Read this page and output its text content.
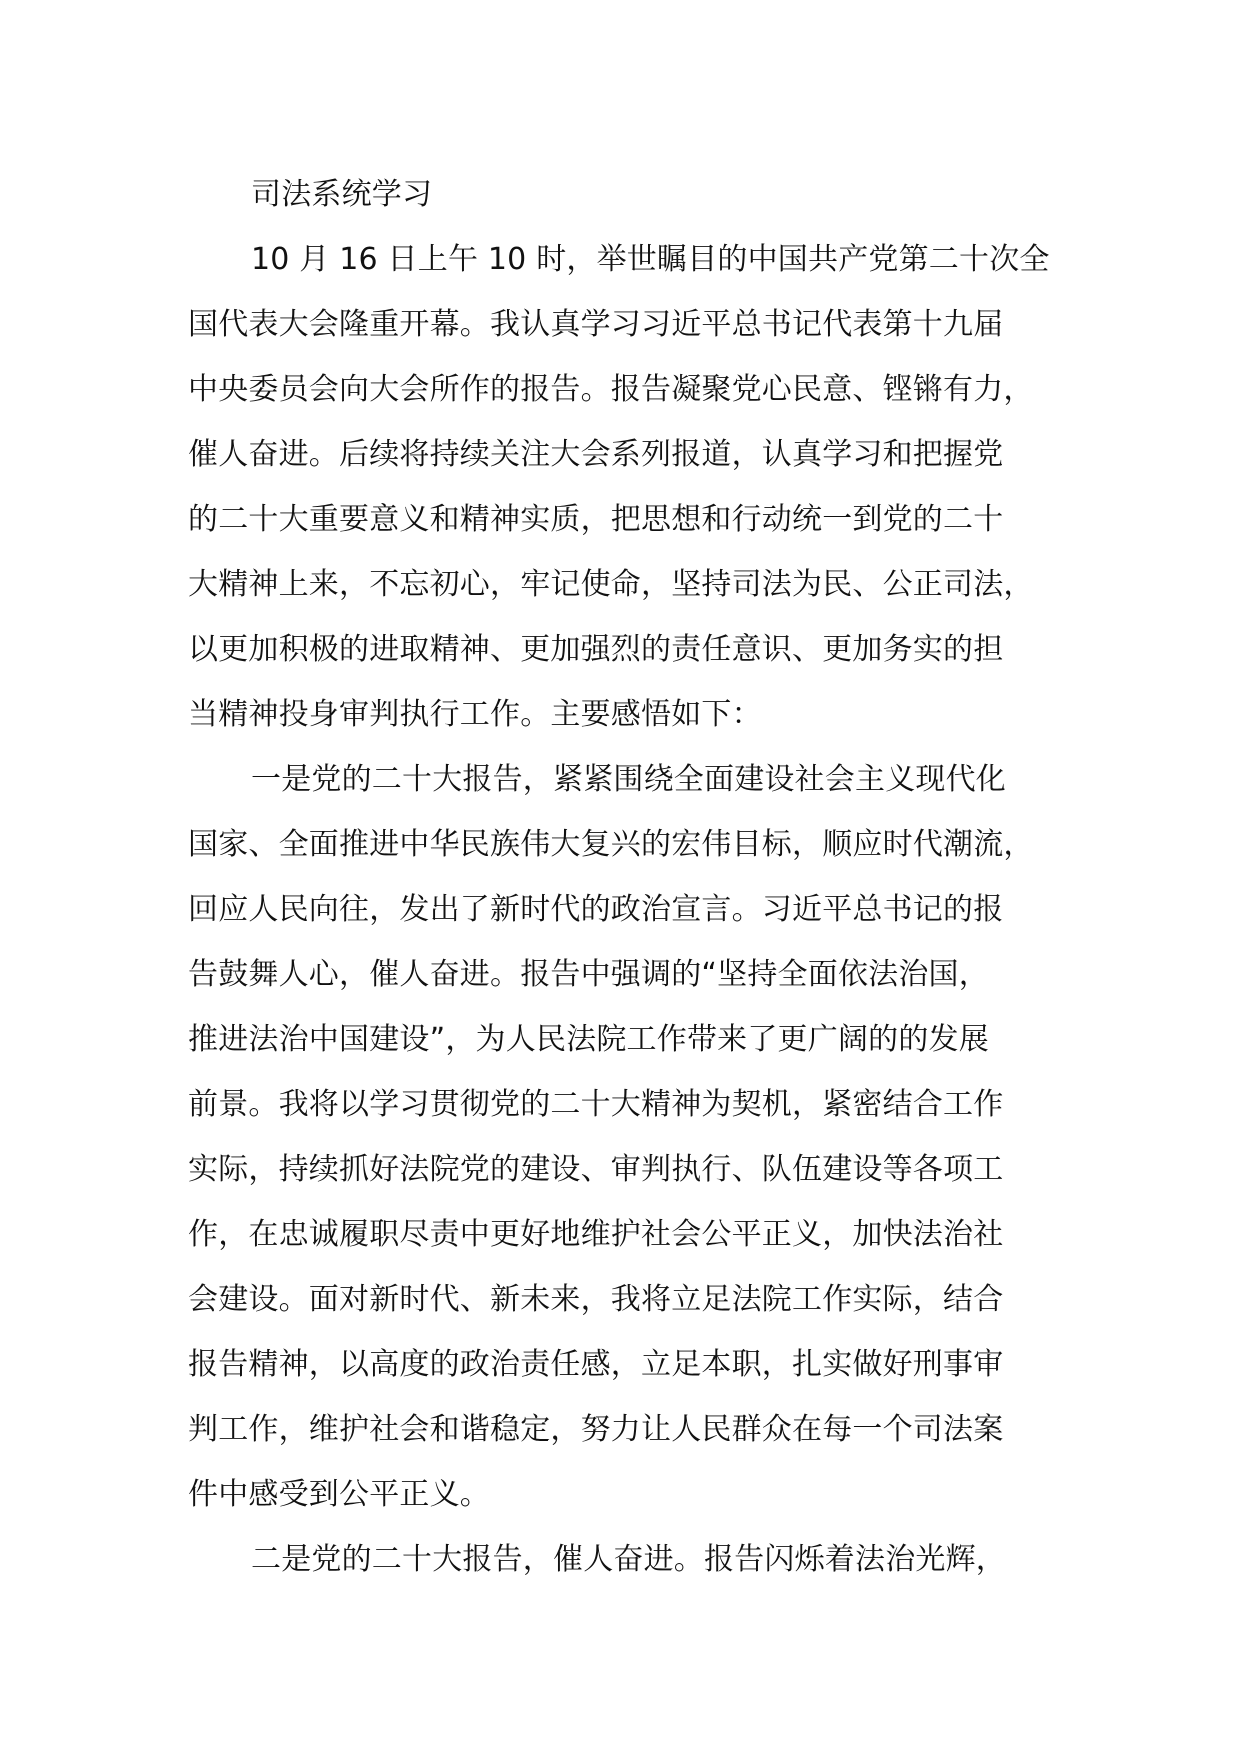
司法系统学习
10 月 16 日上午 10 时，举世瞩目的中国共产党第二十次全
国代表大会隆重开幕。我认真学习习近平总书记代表第十九届
中央委员会向大会所作的报告。报告凝聚党心民意、铿锵有力，
催人奋进。后续将持续关注大会系列报道，认真学习和把握党
的二十大重要意义和精神实质，把思想和行动统一到党的二十
大精神上来，不忘初心，牢记使命，坚持司法为民、公正司法，
以更加积极的进取精神、更加强烈的责任意识、更加务实的担
当精神投身审判执行工作。主要感悟如下：
一是党的二十大报告，紧紧围绕全面建设社会主义现代化
国家、全面推进中华民族伟大复兴的宏伟目标，顺应时代潮流，
回应人民向往，发出了新时代的政治宣言。习近平总书记的报
告鼓舞人心，催人奋进。报告中强调的“坚持全面依法治国，
推进法治中国建设”，为人民法院工作带来了更广阔的的发展
前景。我将以学习贯彻党的二十大精神为契机，紧密结合工作
实际，持续抓好法院党的建设、审判执行、队伍建设等各项工
作，在忠诚履职尽责中更好地维护社会公平正义，加快法治社
会建设。面对新时代、新未来，我将立足法院工作实际，结合
报告精神，以高度的政治责任感，立足本职，扎实做好刑事审
判工作，维护社会和谐稳定，努力让人民群众在每一个司法案
件中感受到公平正义。
二是党的二十大报告，催人奋进。报告闪烁着法治光辉，
